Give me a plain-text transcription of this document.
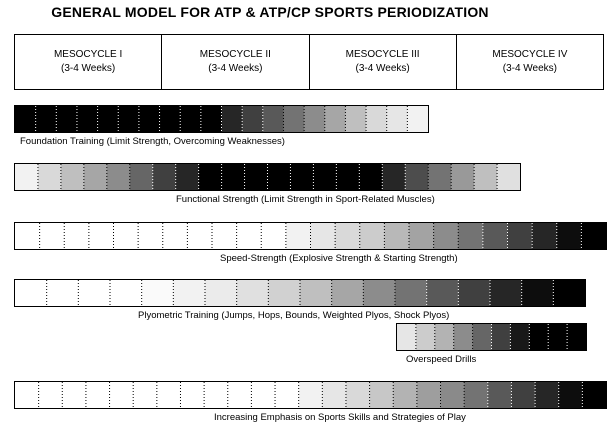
GENERAL MODEL FOR ATP & ATP/CP SPORTS PERIODIZATION
MESOCYCLE I
(3-4 Weeks)
MESOCYCLE II
(3-4 Weeks)
MESOCYCLE III
(3-4 Weeks)
MESOCYCLE IV
(3-4 Weeks)
Foundation Training (Limit Strength, Overcoming Weaknesses)
Functional Strength (Limit Strength in Sport-Related Muscles)
Speed-Strength (Explosive Strength & Starting Strength)
Plyometric Training (Jumps, Hops, Bounds, Weighted Plyos, Shock Plyos)
Overspeed Drills
Increasing Emphasis on Sports Skills and Strategies of Play
